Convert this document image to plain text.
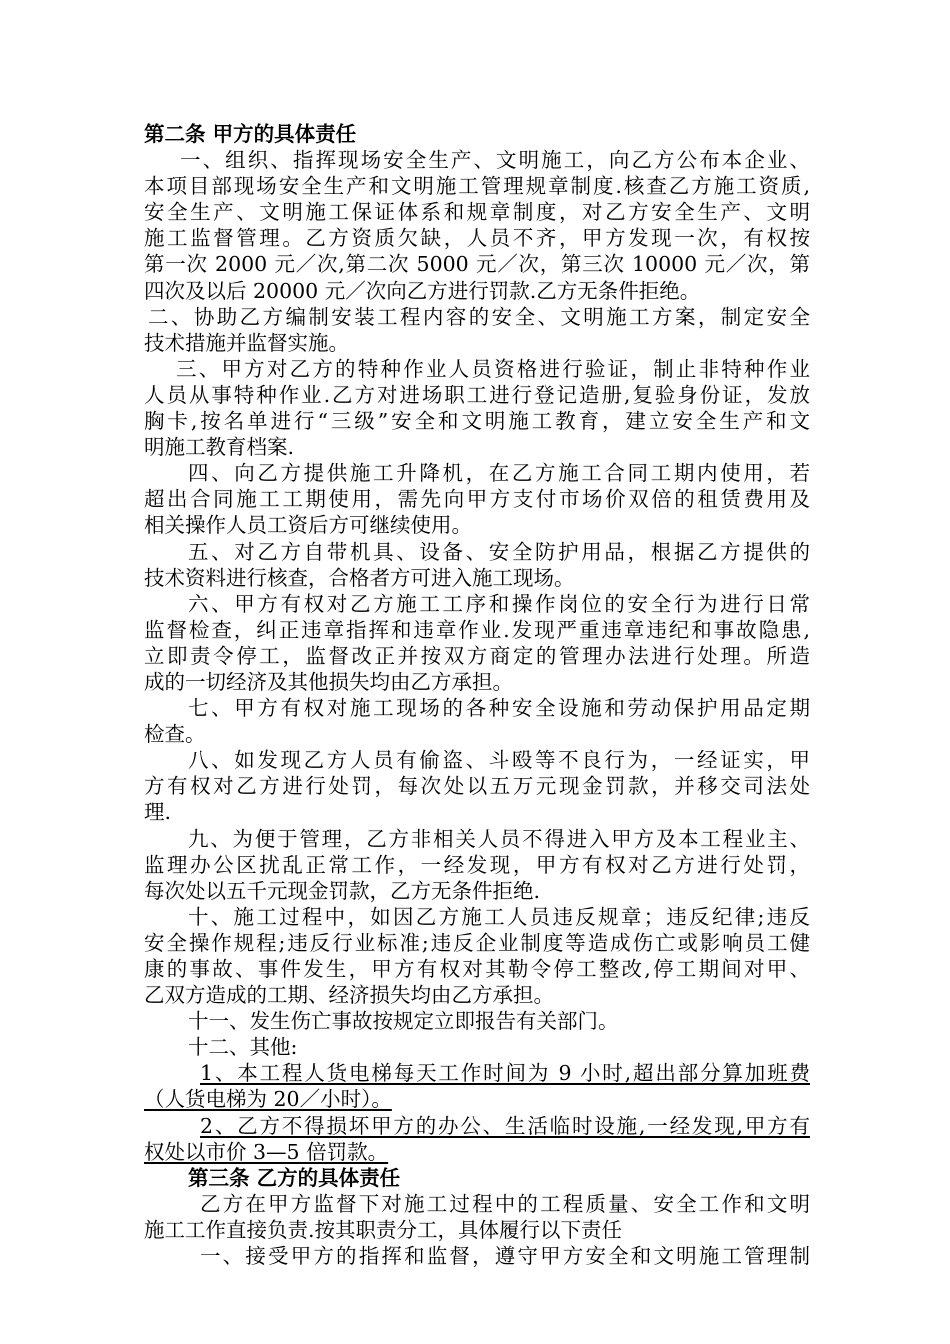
第二条 甲方的具体责任
一、组织、指挥现场安全生产、文明施工，向乙方公布本企业、
本项目部现场安全生产和文明施工管理规章制度.核查乙方施工资质,
安全生产、文明施工保证体系和规章制度，对乙方安全生产、文明
施工监督管理。乙方资质欠缺，人员不齐，甲方发现一次，有权按
第一次 2000 元／次,第二次 5000 元／次，第三次 10000 元／次，第
四次及以后 20000 元／次向乙方进行罚款.乙方无条件拒绝。
二、协助乙方编制安装工程内容的安全、文明施工方案，制定安全
技术措施并监督实施。
三、甲方对乙方的特种作业人员资格进行验证，制止非特种作业
人员从事特种作业.乙方对进场职工进行登记造册,复验身份证，发放
胸卡,按名单进行“三级”安全和文明施工教育，建立安全生产和文
明施工教育档案.
四、向乙方提供施工升降机，在乙方施工合同工期内使用，若
超出合同施工工期使用，需先向甲方支付市场价双倍的租赁费用及
相关操作人员工资后方可继续使用。
五、对乙方自带机具、设备、安全防护用品，根据乙方提供的
技术资料进行核查，合格者方可进入施工现场。
六、甲方有权对乙方施工工序和操作岗位的安全行为进行日常
监督检查，纠正违章指挥和违章作业.发现严重违章违纪和事故隐患,
立即责令停工，监督改正并按双方商定的管理办法进行处理。所造
成的一切经济及其他损失均由乙方承担。
七、甲方有权对施工现场的各种安全设施和劳动保护用品定期
检查。
八、如发现乙方人员有偷盗、斗殴等不良行为，一经证实，甲
方有权对乙方进行处罚，每次处以五万元现金罚款，并移交司法处
理.
九、为便于管理，乙方非相关人员不得进入甲方及本工程业主、
监理办公区扰乱正常工作，一经发现，甲方有权对乙方进行处罚，
每次处以五千元现金罚款，乙方无条件拒绝.
十、施工过程中，如因乙方施工人员违反规章；违反纪律;违反
安全操作规程;违反行业标准;违反企业制度等造成伤亡或影响员工健
康的事故、事件发生，甲方有权对其勒令停工整改,停工期间对甲、
乙双方造成的工期、经济损失均由乙方承担。
十一、发生伤亡事故按规定立即报告有关部门。
十二、其他:
1、本工程人货电梯每天工作时间为 9 小时,超出部分算加班费
（人货电梯为 20／小时）。
2、乙方不得损坏甲方的办公、生活临时设施,一经发现,甲方有
权处以市价 3—5 倍罚款。
第三条 乙方的具体责任
乙方在甲方监督下对施工过程中的工程质量、安全工作和文明
施工工作直接负责.按其职责分工，具体履行以下责任
一、接受甲方的指挥和监督，遵守甲方安全和文明施工管理制
